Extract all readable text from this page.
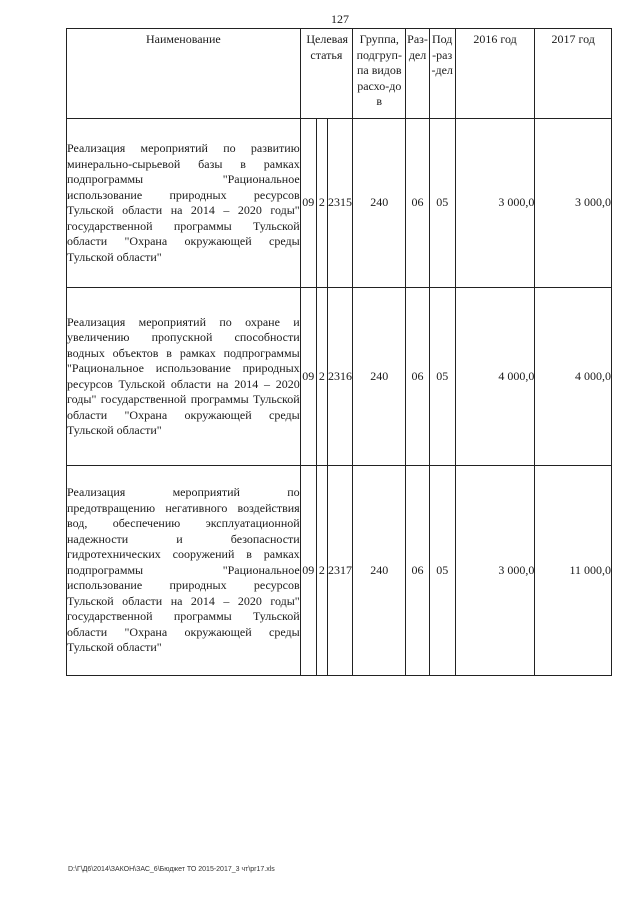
127
Наименование	Целевая статья			Группа, подгруп-па видов расхо-дов	Раз-дел	Под-раз-дел	2016 год	2017 год
Реализация мероприятий по развитию минерально-сырьевой базы в рамках подпрограммы "Рациональное использование природных ресурсов Тульской области на 2014 – 2020 годы" государственной программы Тульской области "Охрана окружающей среды Тульской области"	09	2	2315	240	06	05	3 000,0	3 000,0
Реализация мероприятий по охране и увеличению пропускной способности водных объектов в рамках подпрограммы "Рациональное использование природных ресурсов Тульской области на 2014 – 2020 годы" государственной программы Тульской области "Охрана окружающей среды Тульской области"	09	2	2316	240	06	05	4 000,0	4 000,0
Реализация мероприятий по предотвращению негативного воздействия вод, обеспечению эксплуатационной надежности и безопасности гидротехнических сооружений в рамках подпрограммы "Рациональное использование природных ресурсов Тульской области на 2014 – 2020 годы" государственной программы Тульской области "Охрана окружающей среды Тульской области"	09	2	2317	240	06	05	3 000,0	11 000,0
D:\Г\Д6\2014\ЗАКОН\ЗАС_6\Бюджет ТО 2015-2017_3 чт\pr17.xls
